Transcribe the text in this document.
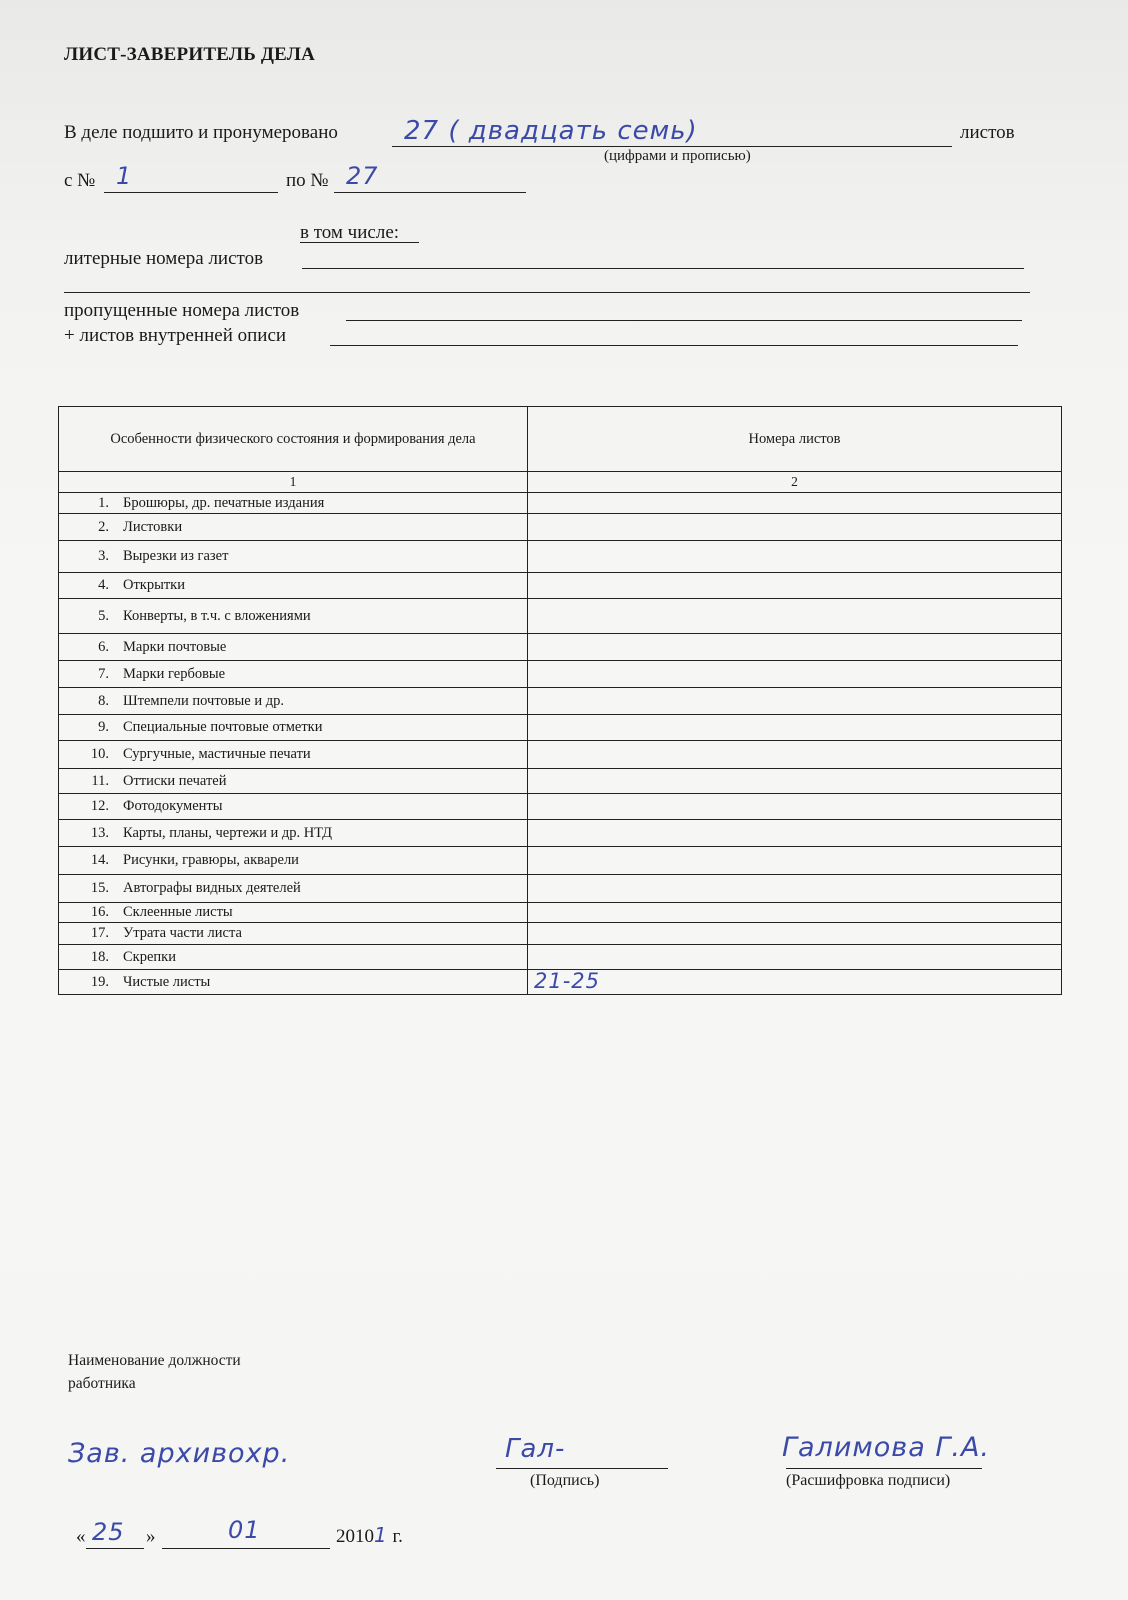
ЛИСТ-ЗАВЕРИТЕЛЬ ДЕЛА
В деле подшито и пронумеровано	27 ( двадцать семь)	листов
(цифрами и прописью)
с № 1	по № 27
в том числе:
литерные номера листов
пропущенные номера листов
+ листов внутренней описи
Особенности физического состояния и формирования дела	Номера листов
1	2
1. Брошюры, др. печатные издания	
2. Листовки	
3. Вырезки из газет	
4. Открытки	
5. Конверты, в т.ч. с вложениями	
6. Марки почтовые	
7. Марки гербовые	
8. Штемпели почтовые и др.	
9. Специальные почтовые отметки	
10. Сургучные, мастичные печати	
11. Оттиски печатей	
12. Фотодокументы	
13. Карты, планы, чертежи и др. НТД	
14. Рисунки, гравюры, акварели	
15. Автографы видных деятелей	
16. Склеенные листы	
17. Утрата части листа	
18. Скрепки	
19. Чистые листы	21-25
Наименование должности
работника
Зав. архивохр.	Гал-
(Подпись)
Галимова Г.А.
(Расшифровка подписи)
« 25 »	01	20101 г.
